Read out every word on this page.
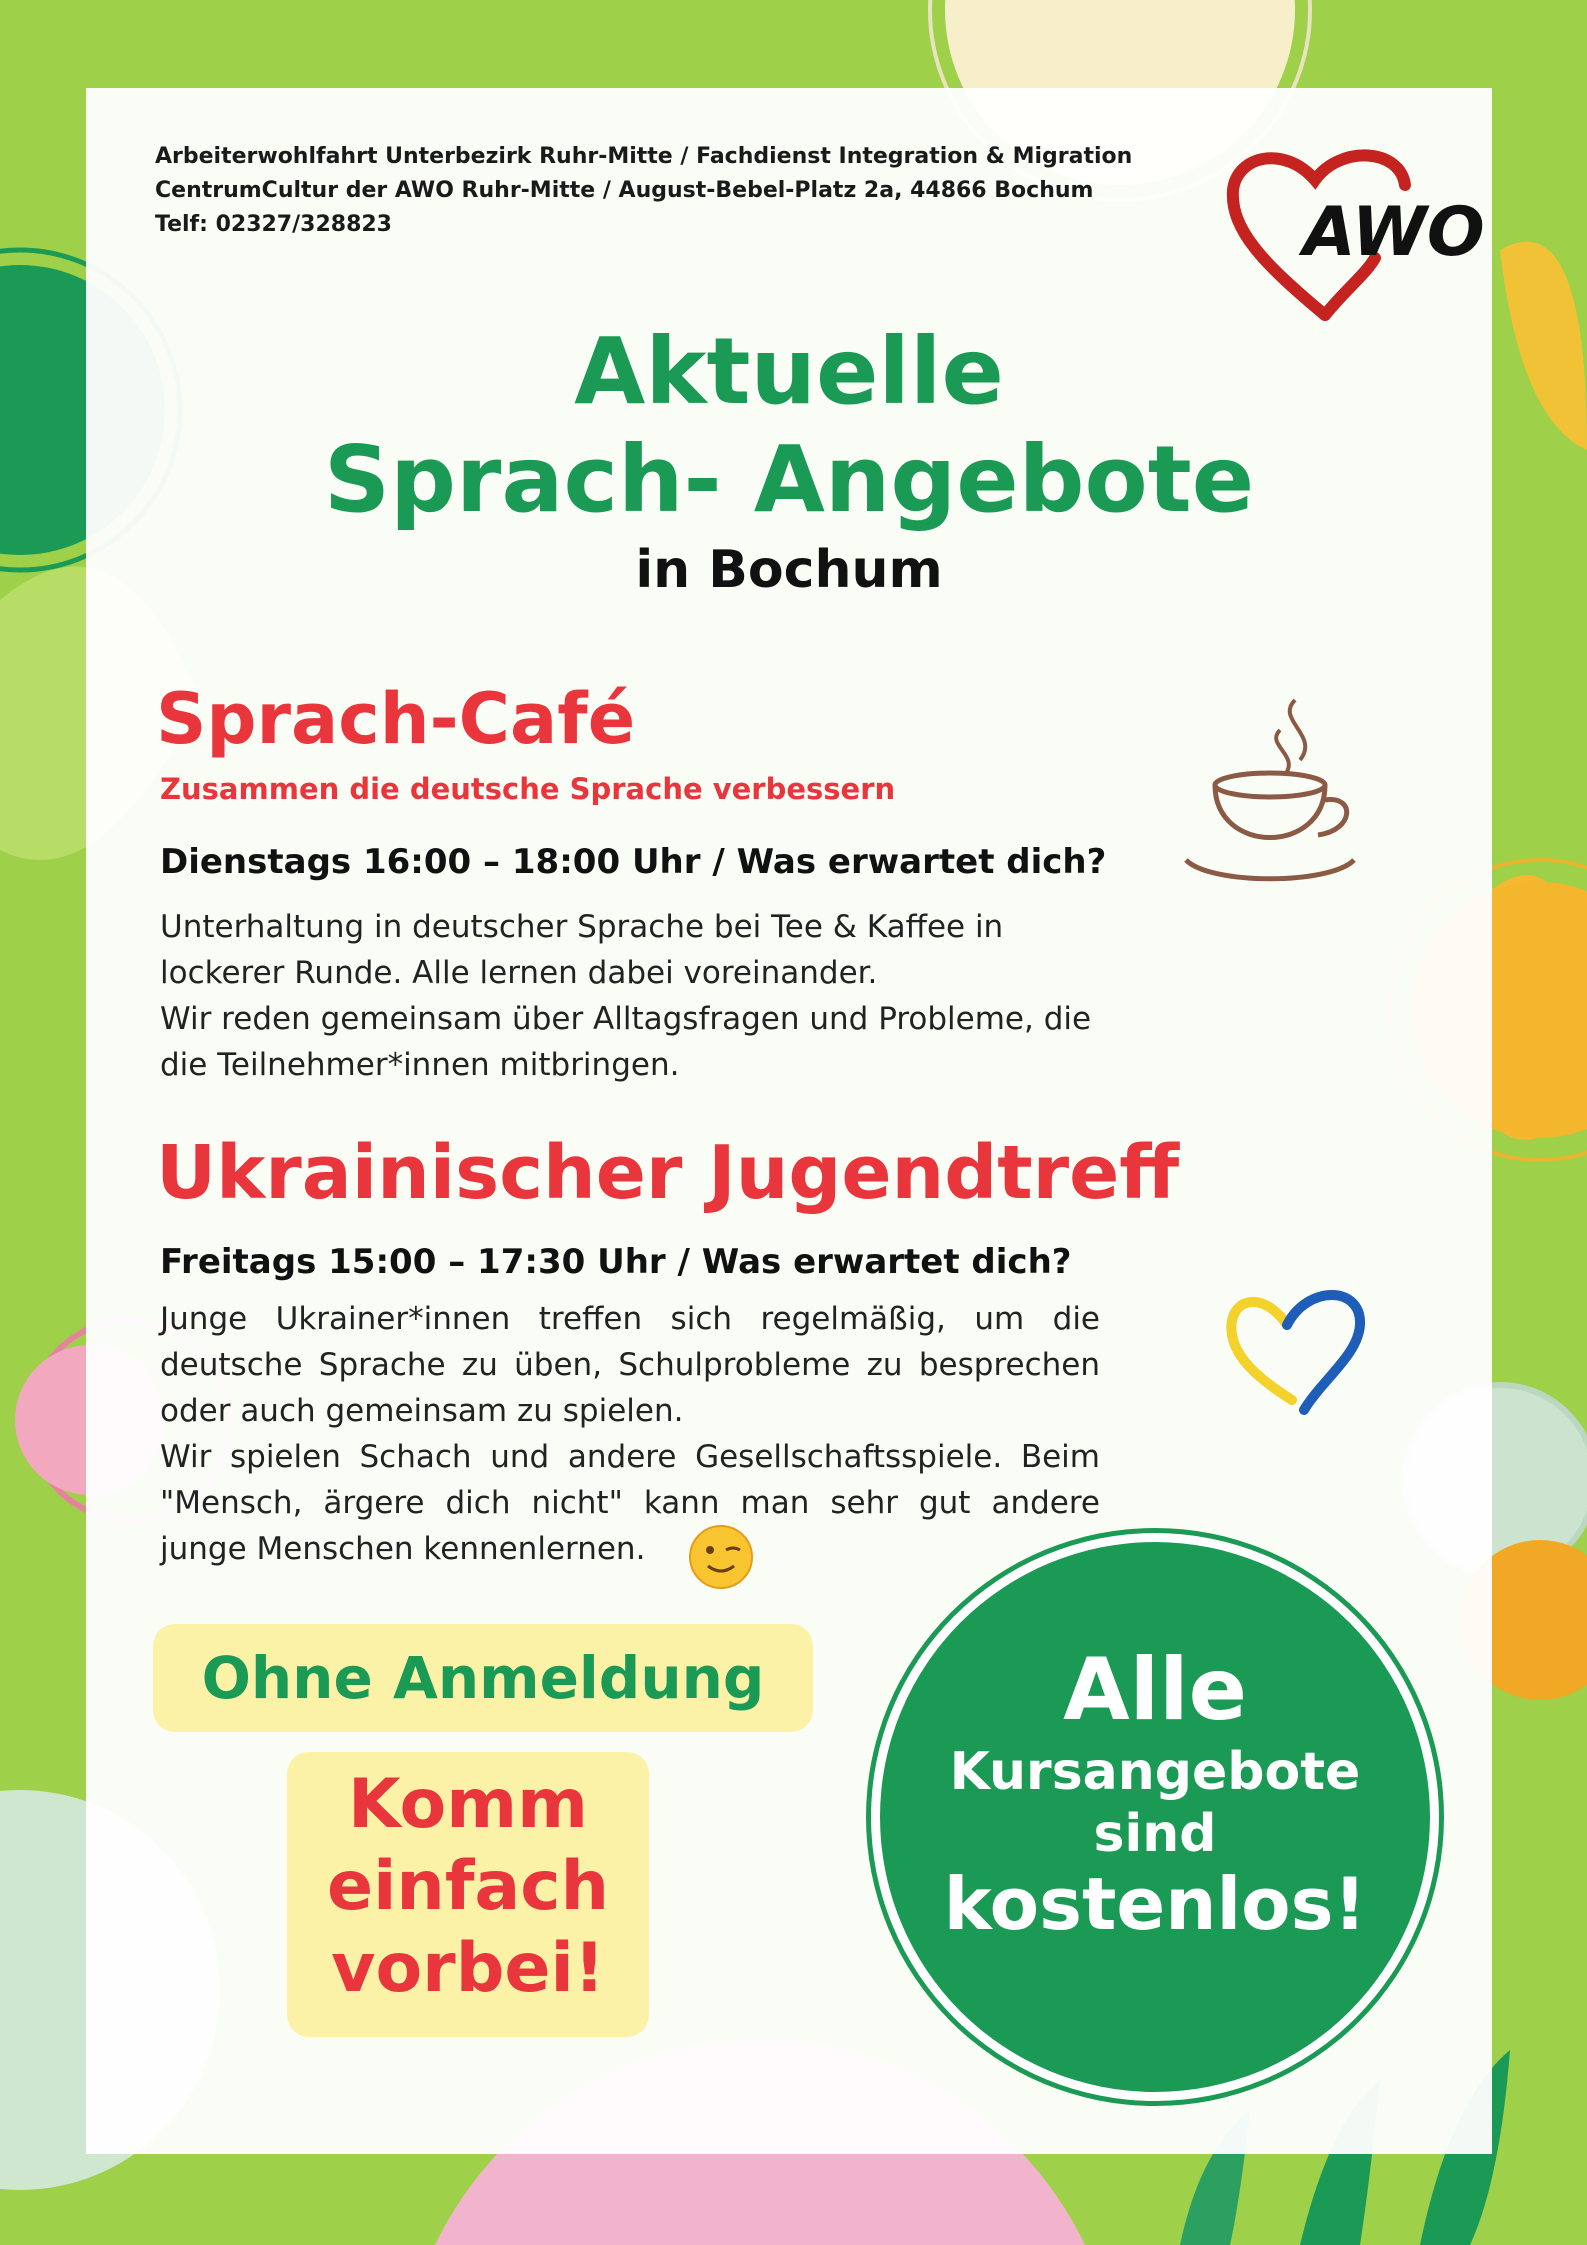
Arbeiterwohlfahrt Unterbezirk Ruhr-Mitte / Fachdienst Integration & Migration
CentrumCultur der AWO Ruhr-Mitte / August-Bebel-Platz 2a, 44866 Bochum
Telf: 02327/328823	AWO
Aktuelle
Sprach- Angebote
in Bochum
Sprach-Café
Zusammen die deutsche Sprache verbessern
Dienstags 16:00 – 18:00 Uhr / Was erwartet dich?

Unterhaltung in deutscher Sprache bei Tee & Kaffee in lockerer Runde. Alle lernen dabei voreinander.

Wir reden gemeinsam über Alltagsfragen und Probleme, die die Teilnehmer*innen mitbringen.

Ukrainischer Jugendtreff
Freitags 15:00 – 17:30 Uhr / Was erwartet dich?

Junge Ukrainer*innen treffen sich regelmäßig, um die deutsche Sprache zu üben, Schulprobleme zu besprechen oder auch gemeinsam zu spielen.

Wir spielen Schach und andere Gesellschaftsspiele. Beim "Mensch, ärgere dich nicht" kann man sehr gut andere junge Menschen kennenlernen.

Ohne Anmeldung
Komm
einfach
vorbei!
Alle
Kursangebote
sind
kostenlos!
